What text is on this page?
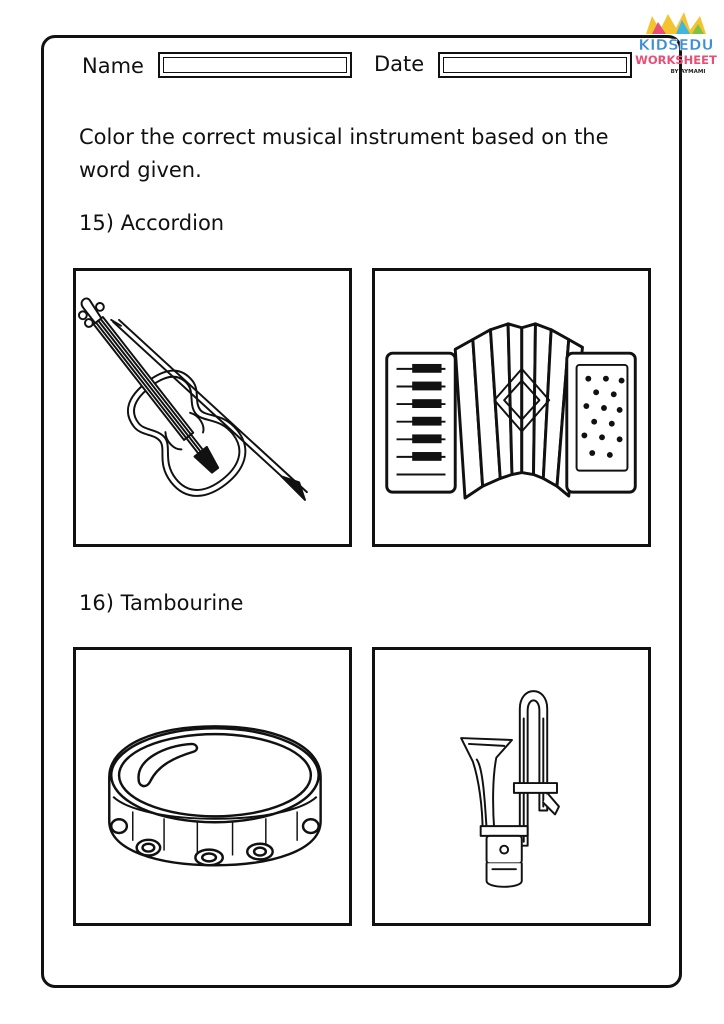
KIDSEDU
WORKSHEET
BY AYMAMI
Name	Date
Color the correct musical instrument based on the word given.
15) Accordion
16) Tambourine
